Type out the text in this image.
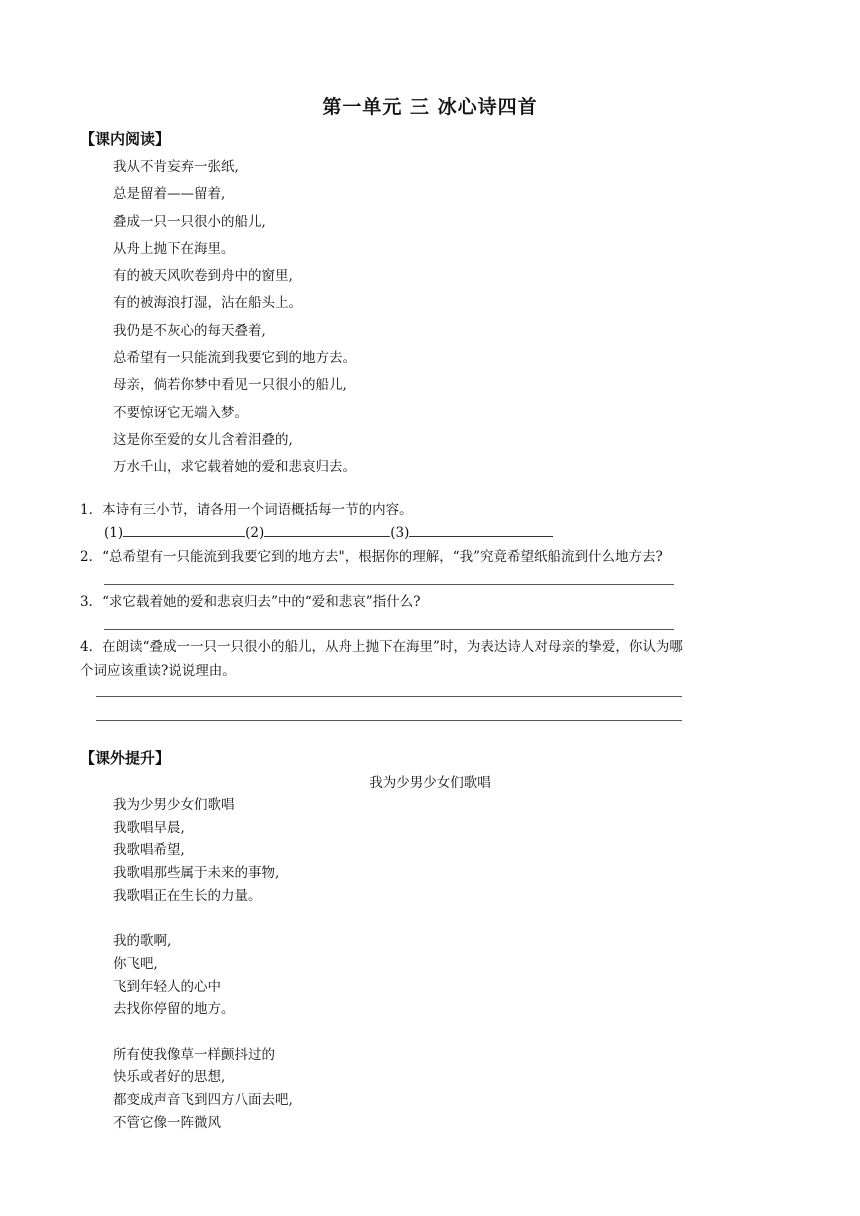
第一单元 三 冰心诗四首
【课内阅读】
我从不肯妄弃一张纸,
总是留着——留着,
叠成一只一只很小的船儿,
从舟上抛下在海里。
有的被天风吹卷到舟中的窗里,
有的被海浪打湿，沾在船头上。
我仍是不灰心的每天叠着,
总希望有一只能流到我要它到的地方去。
母亲，倘若你梦中看见一只很小的船儿,
不要惊讶它无端入梦。
这是你至爱的女儿含着泪叠的,
万水千山，求它载着她的爱和悲哀归去。
1．本诗有三小节，请各用一个词语概括每一节的内容。
(1)	(2)	(3)
2．“总希望有一只能流到我要它到的地方去"，根据你的理解，“我”究竟希望纸船流到什么地方去?
3．“求它载着她的爱和悲哀归去”中的“爱和悲哀”指什么?
4．在朗读“叠成一一只一只很小的船儿，从舟上抛下在海里”时，为表达诗人对母亲的挚爱，你认为哪
个词应该重读?说说理由。
【课外提升】
我为少男少女们歌唱
我为少男少女们歌唱
我歌唱早晨,
我歌唱希望,
我歌唱那些属于未来的事物,
我歌唱正在生长的力量。
我的歌啊,
你飞吧,
飞到年轻人的心中
去找你停留的地方。
所有使我像草一样颤抖过的
快乐或者好的思想,
都变成声音飞到四方八面去吧,
不管它像一阵微风
